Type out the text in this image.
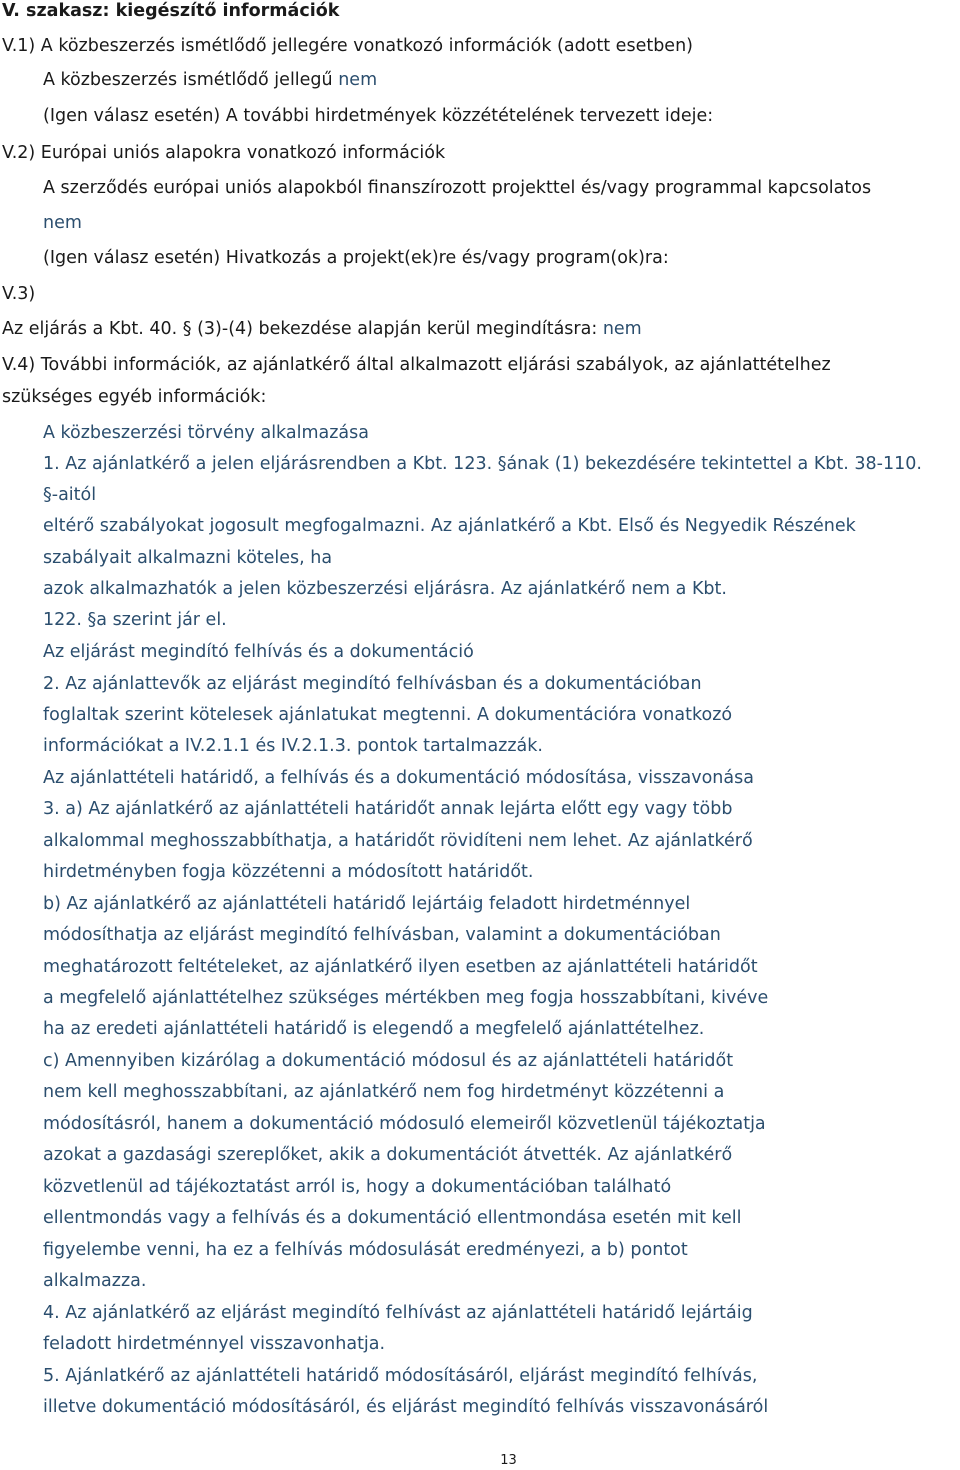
V. szakasz: kiegészítő információk
V.1) A közbeszerzés ismétlődő jellegére vonatkozó információk (adott esetben)
A közbeszerzés ismétlődő jellegű nem
(Igen válasz esetén) A további hirdetmények közzétételének tervezett ideje:
V.2) Európai uniós alapokra vonatkozó információk
A szerződés európai uniós alapokból finanszírozott projekttel és/vagy programmal kapcsolatos
nem
(Igen válasz esetén) Hivatkozás a projekt(ek)re és/vagy program(ok)ra:
V.3)
Az eljárás a Kbt. 40. § (3)-(4) bekezdése alapján kerül megindításra: nem
V.4) További információk, az ajánlatkérő által alkalmazott eljárási szabályok, az ajánlattételhez
szükséges egyéb információk:
A közbeszerzési törvény alkalmazása
1. Az ajánlatkérő a jelen eljárásrendben a Kbt. 123. §ának (1) bekezdésére tekintettel a Kbt. 38-110.
§-aitól
eltérő szabályokat jogosult megfogalmazni. Az ajánlatkérő a Kbt. Első és Negyedik Részének
szabályait alkalmazni köteles, ha
azok alkalmazhatók a jelen közbeszerzési eljárásra. Az ajánlatkérő nem a Kbt.
122. §a szerint jár el.
Az eljárást megindító felhívás és a dokumentáció
2. Az ajánlattevők az eljárást megindító felhívásban és a dokumentációban
foglaltak szerint kötelesek ajánlatukat megtenni. A dokumentációra vonatkozó
információkat a IV.2.1.1 és IV.2.1.3. pontok tartalmazzák.
Az ajánlattételi határidő, a felhívás és a dokumentáció módosítása, visszavonása
3. a) Az ajánlatkérő az ajánlattételi határidőt annak lejárta előtt egy vagy több
alkalommal meghosszabbíthatja, a határidőt rövidíteni nem lehet. Az ajánlatkérő
hirdetményben fogja közzétenni a módosított határidőt.
b) Az ajánlatkérő az ajánlattételi határidő lejártáig feladott hirdetménnyel
módosíthatja az eljárást megindító felhívásban, valamint a dokumentációban
meghatározott feltételeket, az ajánlatkérő ilyen esetben az ajánlattételi határidőt
a megfelelő ajánlattételhez szükséges mértékben meg fogja hosszabbítani, kivéve
ha az eredeti ajánlattételi határidő is elegendő a megfelelő ajánlattételhez.
c) Amennyiben kizárólag a dokumentáció módosul és az ajánlattételi határidőt
nem kell meghosszabbítani, az ajánlatkérő nem fog hirdetményt közzétenni a
módosításról, hanem a dokumentáció módosuló elemeiről közvetlenül tájékoztatja
azokat a gazdasági szereplőket, akik a dokumentációt átvették. Az ajánlatkérő
közvetlenül ad tájékoztatást arról is, hogy a dokumentációban található
ellentmondás vagy a felhívás és a dokumentáció ellentmondása esetén mit kell
figyelembe venni, ha ez a felhívás módosulását eredményezi, a b) pontot
alkalmazza.
4. Az ajánlatkérő az eljárást megindító felhívást az ajánlattételi határidő lejártáig
feladott hirdetménnyel visszavonhatja.
5. Ajánlatkérő az ajánlattételi határidő módosításáról, eljárást megindító felhívás,
illetve dokumentáció módosításáról, és eljárást megindító felhívás visszavonásáról
13
